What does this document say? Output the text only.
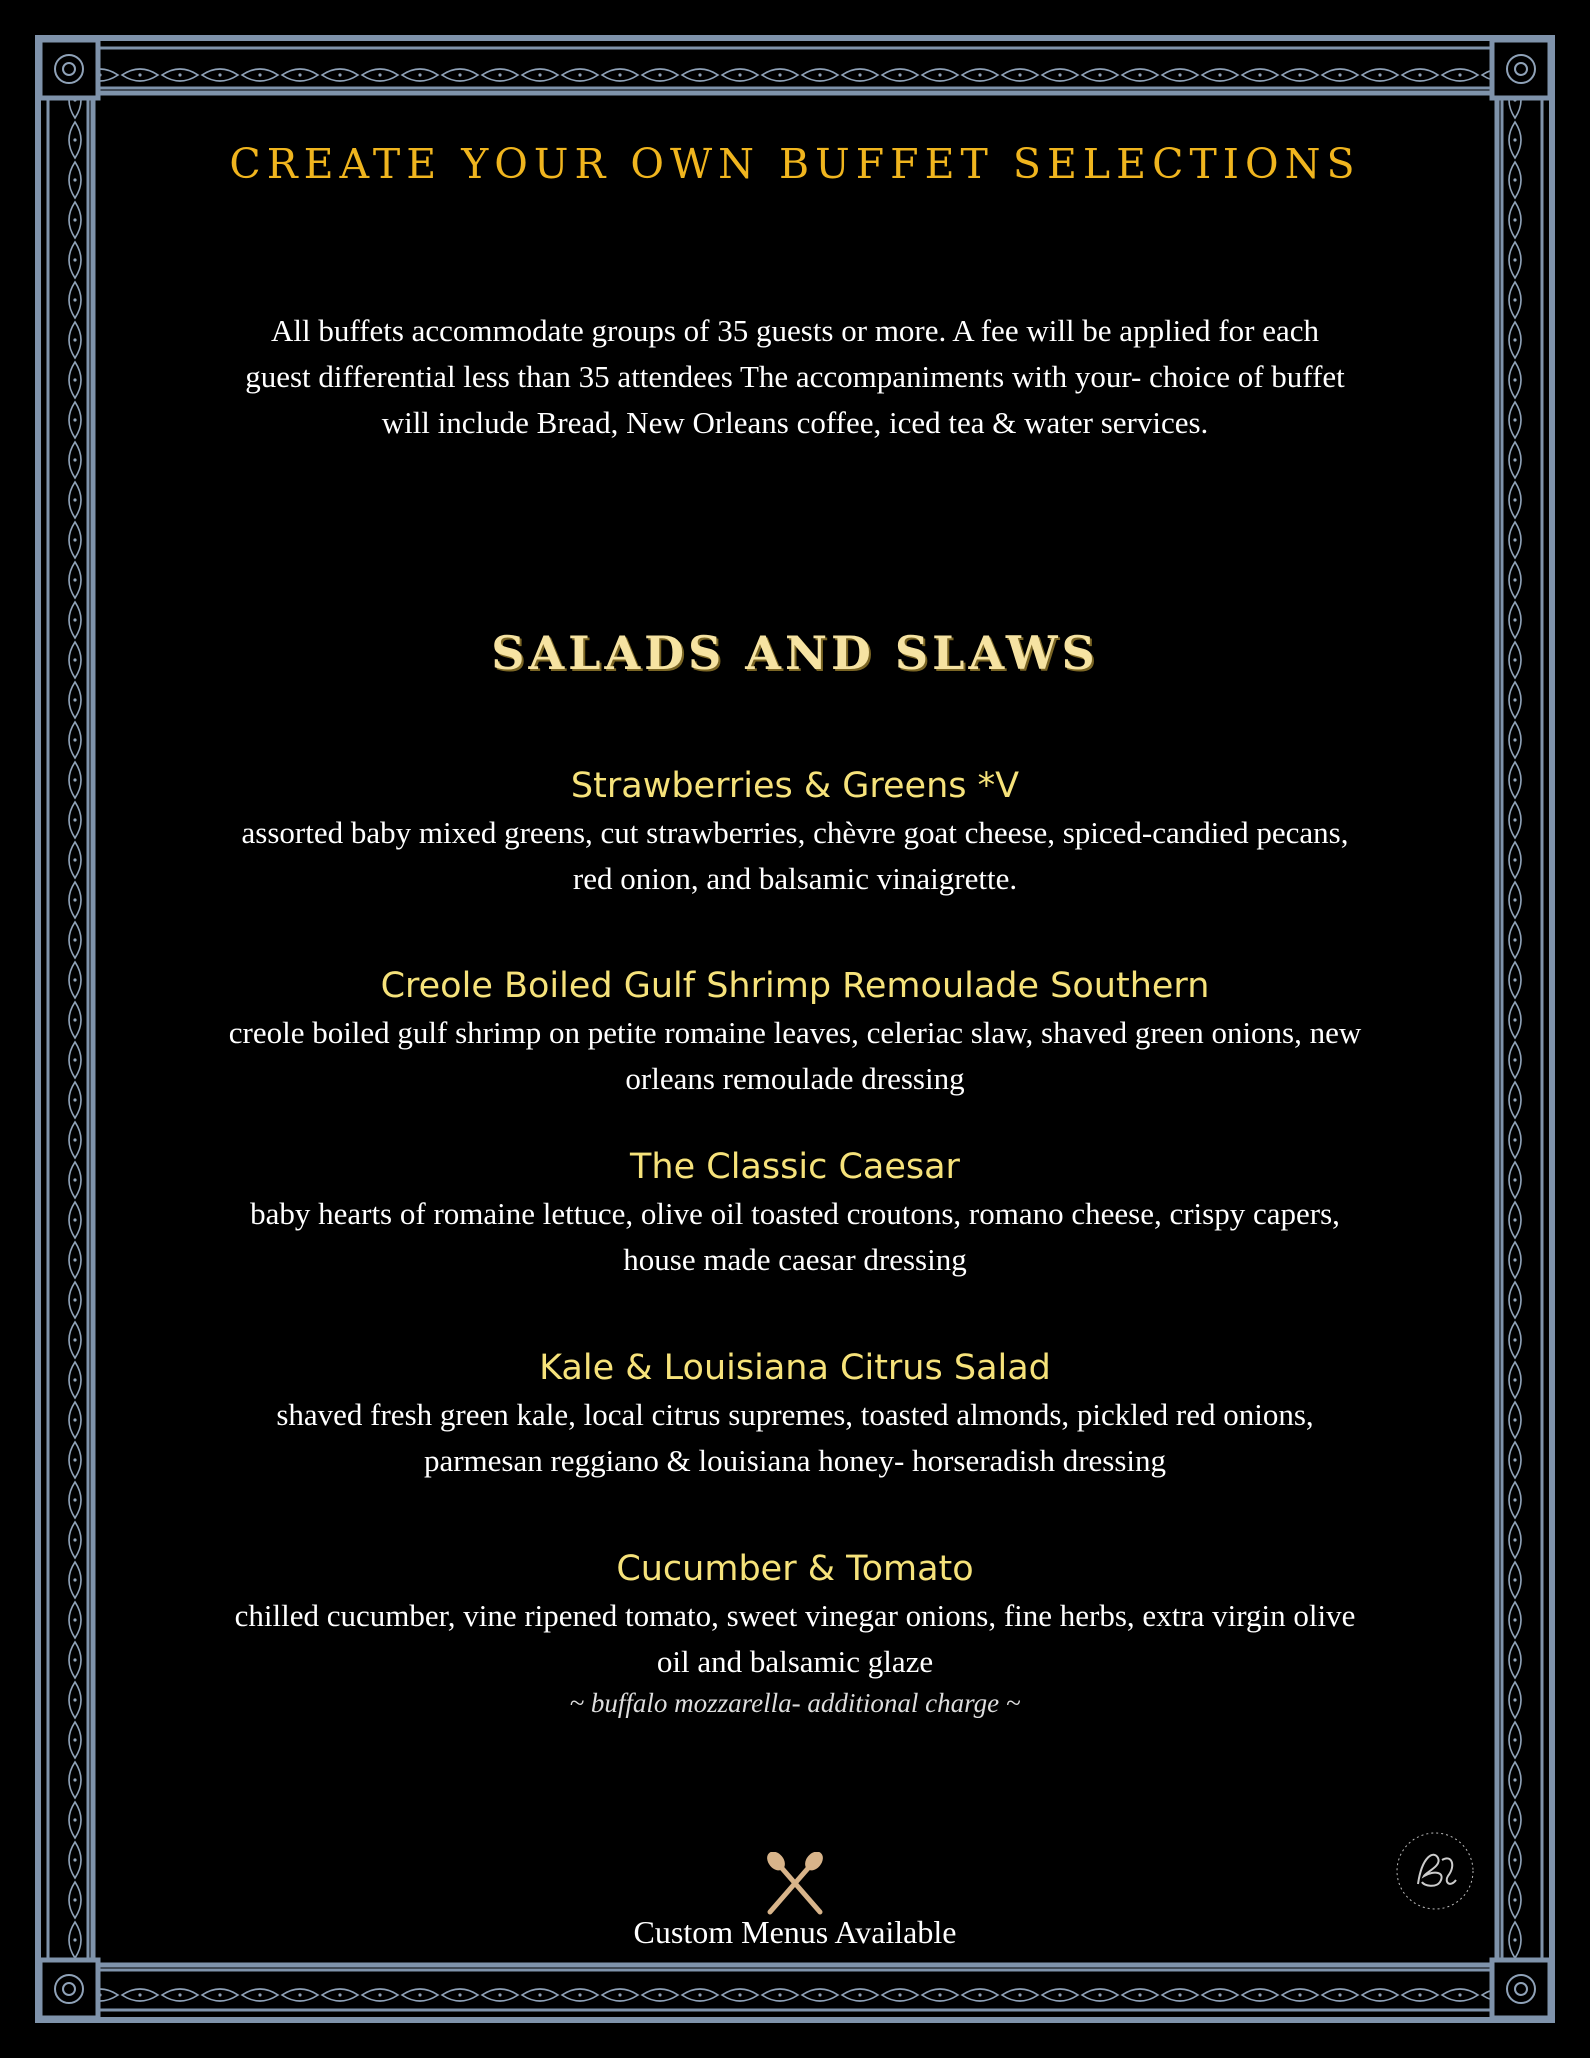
CREATE YOUR OWN BUFFET SELECTIONS

All buffets accommodate groups of 35 guests or more. A fee will be applied for each guest differential less than 35 attendees The accompaniments with your- choice of buffet will include Bread, New Orleans coffee, iced tea & water services.

SALADS AND SLAWS
Strawberries & Greens *V
assorted baby mixed greens, cut strawberries, chèvre goat cheese, spiced-candied pecans, red onion, and balsamic vinaigrette.
Creole Boiled Gulf Shrimp Remoulade Southern
creole boiled gulf shrimp on petite romaine leaves, celeriac slaw, shaved green onions, new orleans remoulade dressing
The Classic Caesar
baby hearts of romaine lettuce, olive oil toasted croutons, romano cheese, crispy capers, house made caesar dressing
Kale & Louisiana Citrus Salad
shaved fresh green kale, local citrus supremes, toasted almonds, pickled red onions, parmesan reggiano & louisiana honey- horseradish dressing
Cucumber & Tomato
chilled cucumber, vine ripened tomato, sweet vinegar onions, fine herbs, extra virgin olive oil and balsamic glaze
~ buffalo mozzarella- additional charge ~
Custom Menus Available
